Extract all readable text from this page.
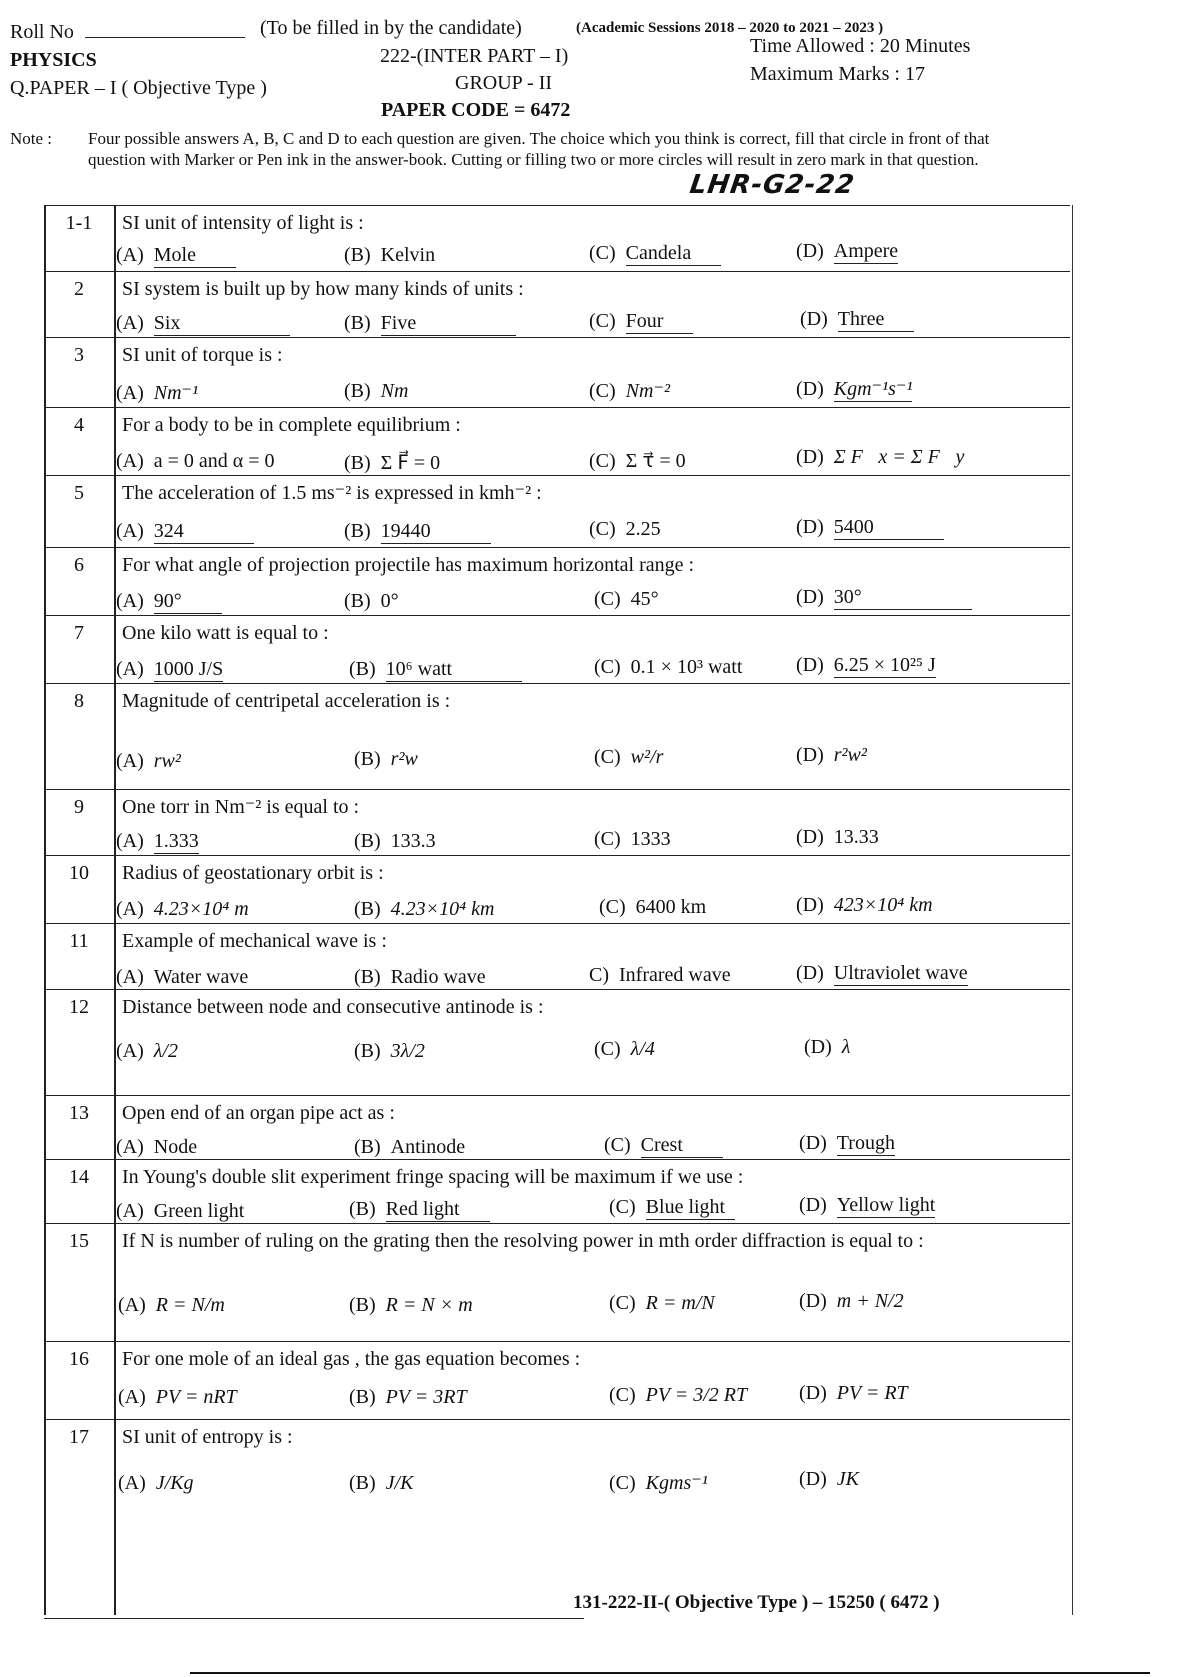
Roll No	(To be filled in by the candidate)	(Academic Sessions 2018 – 2020 to 2021 – 2023 )
PHYSICS	222-(INTER PART – I)	Time Allowed : 20 Minutes
Q.PAPER – I ( Objective Type )	GROUP - II	Maximum Marks : 17
PAPER CODE = 6472
Note : Four possible answers A, B, C and D to each question are given. The choice which you think is correct, fill that circle in front of that question with Marker or Pen ink in the answer-book. Cutting or filling two or more circles will result in zero mark in that question.
LHR-G2-22
1-1	SI unit of intensity of light is :
(A) Mole	(B) Kelvin	(C) Candela	(D) Ampere
2	SI system is built up by how many kinds of units :
(A) Six	(B) Five	(C) Four	(D) Three
3	SI unit of torque is :
(A) Nm⁻¹	(B) Nm	(C) Nm⁻²	(D) Kgm⁻¹s⁻¹
4	For a body to be in complete equilibrium :
(A) a = 0 and α = 0	(B) Σ F⃗ = 0	(C) Σ τ⃗ = 0	(D) Σ F⃗x = Σ F⃗y
5	The acceleration of 1.5 ms⁻² is expressed in kmh⁻² :
(A) 324	(B) 19440	(C) 2.25	(D) 5400
6	For what angle of projection projectile has maximum horizontal range :
(A) 90°	(B) 0°	(C) 45°	(D) 30°
7	One kilo watt is equal to :
(A) 1000 J/S	(B) 10⁶ watt	(C) 0.1 × 10³ watt	(D) 6.25 × 10²⁵ J
8	Magnitude of centripetal acceleration is :
(A) rw²	(B) r²w	(C) w²/r	(D) r²w²
9	One torr in Nm⁻² is equal to :
(A) 1.333	(B) 133.3	(C) 1333	(D) 13.33
10	Radius of geostationary orbit is :
(A) 4.23×10⁴ m	(B) 4.23×10⁴ km	(C) 6400 km	(D) 423×10⁴ km
11	Example of mechanical wave is :
(A) Water wave	(B) Radio wave	C) Infrared wave	(D) Ultraviolet wave
12	Distance between node and consecutive antinode is :
(A) λ/2	(B) 3λ/2	(C) λ/4	(D) λ
13	Open end of an organ pipe act as :
(A) Node	(B) Antinode	(C) Crest	(D) Trough
14	In Young's double slit experiment fringe spacing will be maximum if we use :
(A) Green light	(B) Red light	(C) Blue light	(D) Yellow light
15	If N is number of ruling on the grating then the resolving power in mth order diffraction is equal to :
(A) R = N/m	(B) R = N × m	(C) R = m/N	(D) m + N/2
16	For one mole of an ideal gas , the gas equation becomes :
(A) PV = nRT	(B) PV = 3RT	(C) PV = 3/2 RT	(D) PV = RT
17	SI unit of entropy is :
(A) J/Kg	(B) J/K	(C) Kgms⁻¹	(D) JK
131-222-II-( Objective Type ) – 15250 ( 6472 )
